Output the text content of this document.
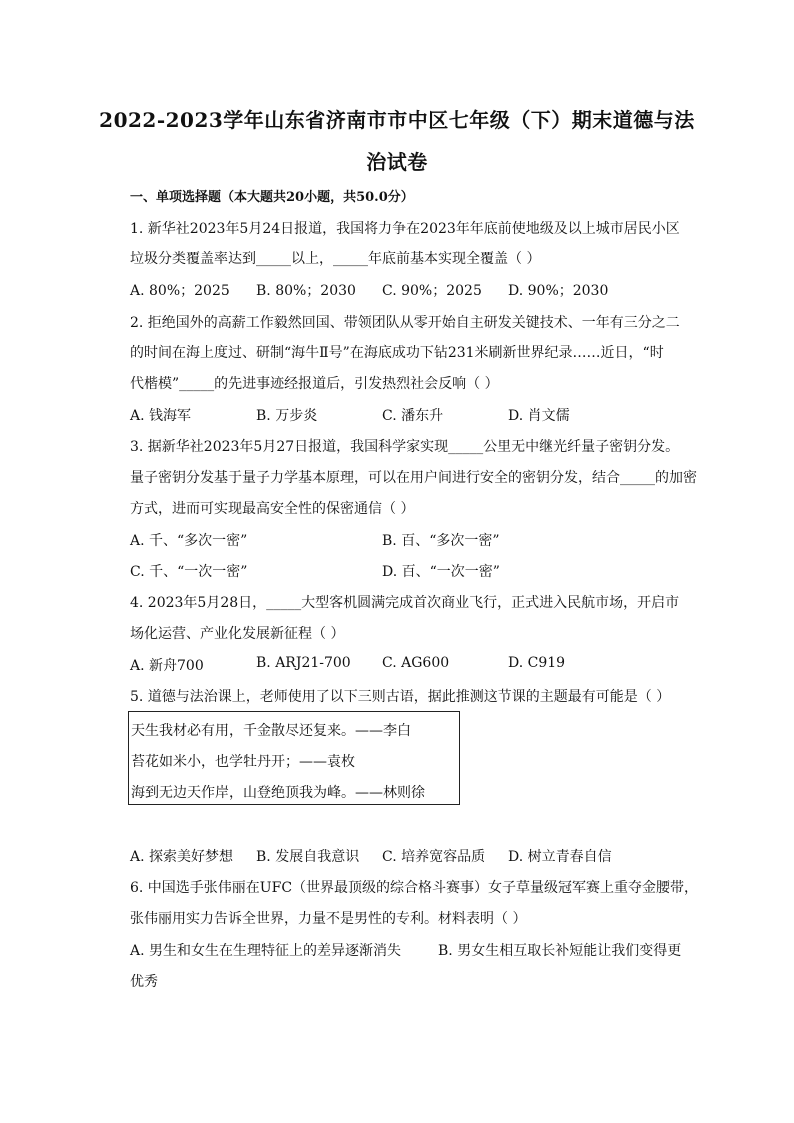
2022-2023学年山东省济南市市中区七年级（下）期末道德与法
治试卷
一、单项选择题（本大题共20小题，共50.0分）
1. 新华社2023年5月24日报道，我国将力争在2023年年底前使地级及以上城市居民小区
垃圾分类覆盖率达到_____以上，_____年底前基本实现全覆盖（ ）
A. 80%；2025 B. 80%；2030 C. 90%；2025 D. 90%；2030
2. 拒绝国外的高薪工作毅然回国、带领团队从零开始自主研发关键技术、一年有三分之二
的时间在海上度过、研制“海牛Ⅱ号”在海底成功下钻231米刷新世界纪录……近日，“时
代楷模”_____的先进事迹经报道后，引发热烈社会反响（ ）
A. 钱海军	B. 万步炎	C. 潘东升	D. 肖文儒
3. 据新华社2023年5月27日报道，我国科学家实现_____公里无中继光纤量子密钥分发。
量子密钥分发基于量子力学基本原理，可以在用户间进行安全的密钥分发，结合_____的加密
方式，进而可实现最高安全性的保密通信（ ）
A. 千、“多次一密”	B. 百、“多次一密”
C. 千、“一次一密”	D. 百、“一次一密”
4. 2023年5月28日，_____大型客机圆满完成首次商业飞行，正式进入民航市场，开启市
场化运营、产业化发展新征程（ ）
A. 新舟700	B. ARJ21-700 C. AG600	D. C919
5. 道德与法治课上，老师使用了以下三则古语，据此推测这节课的主题最有可能是（ ）
天生我材必有用，千金散尽还复来。——李白
苔花如米小，也学牡丹开；——袁枚
海到无边天作岸，山登绝顶我为峰。——林则徐
A. 探索美好梦想 B. 发展自我意识 C. 培养宽容品质 D. 树立青春自信
6. 中国选手张伟丽在UFC（世界最顶级的综合格斗赛事）女子草量级冠军赛上重夺金腰带，
张伟丽用实力告诉全世界，力量不是男性的专利。材料表明（ ）
A. 男生和女生在生理特征上的差异逐渐消失	B. 男女生相互取长补短能让我们变得更
优秀
